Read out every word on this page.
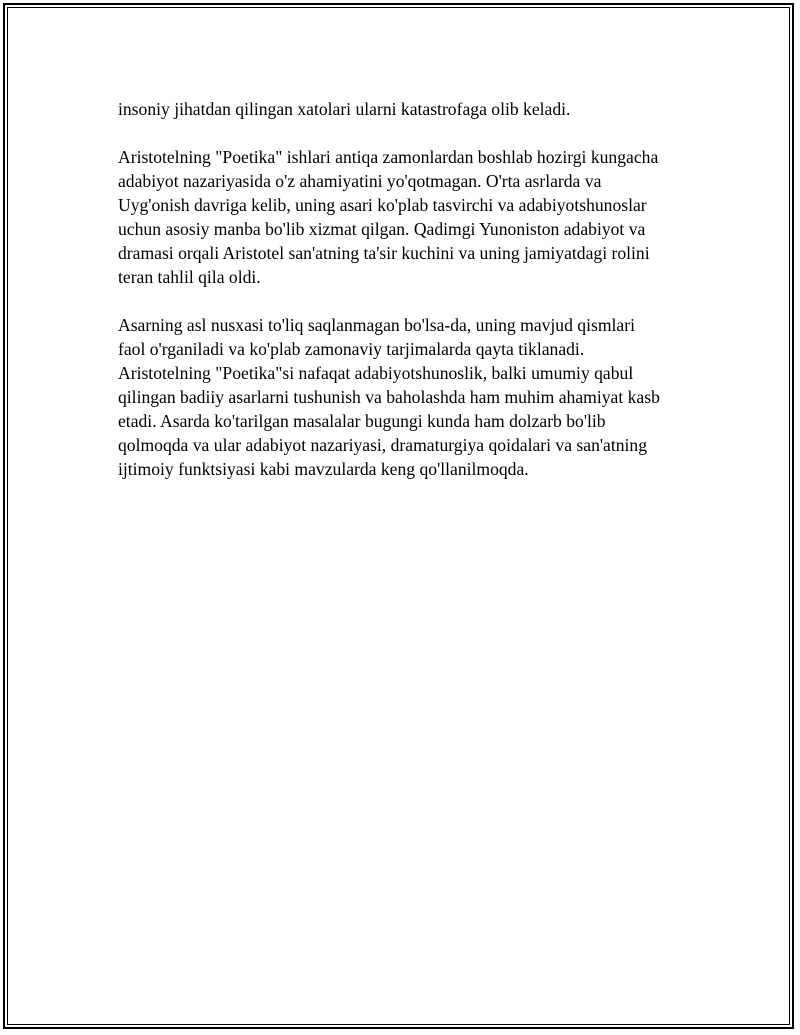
insoniy jihatdan qilingan xatolari ularni katastrofaga olib keladi.

Aristotelning "Poetika" ishlari antiqa zamonlardan boshlab hozirgi kungacha
adabiyot nazariyasida o'z ahamiyatini yo'qotmagan. O'rta asrlarda va
Uyg'onish davriga kelib, uning asari ko'plab tasvirchi va adabiyotshunoslar
uchun asosiy manba bo'lib xizmat qilgan. Qadimgi Yunoniston adabiyot va
dramasi orqali Aristotel san'atning ta'sir kuchini va uning jamiyatdagi rolini
teran tahlil qila oldi.

Asarning asl nusxasi to'liq saqlanmagan bo'lsa-da, uning mavjud qismlari
faol o'rganiladi va ko'plab zamonaviy tarjimalarda qayta tiklanadi.
Aristotelning "Poetika"si nafaqat adabiyotshunoslik, balki umumiy qabul
qilingan badiiy asarlarni tushunish va baholashda ham muhim ahamiyat kasb
etadi. Asarda ko'tarilgan masalalar bugungi kunda ham dolzarb bo'lib
qolmoqda va ular adabiyot nazariyasi, dramaturgiya qoidalari va san'atning
ijtimoiy funktsiyasi kabi mavzularda keng qo'llanilmoqda.
